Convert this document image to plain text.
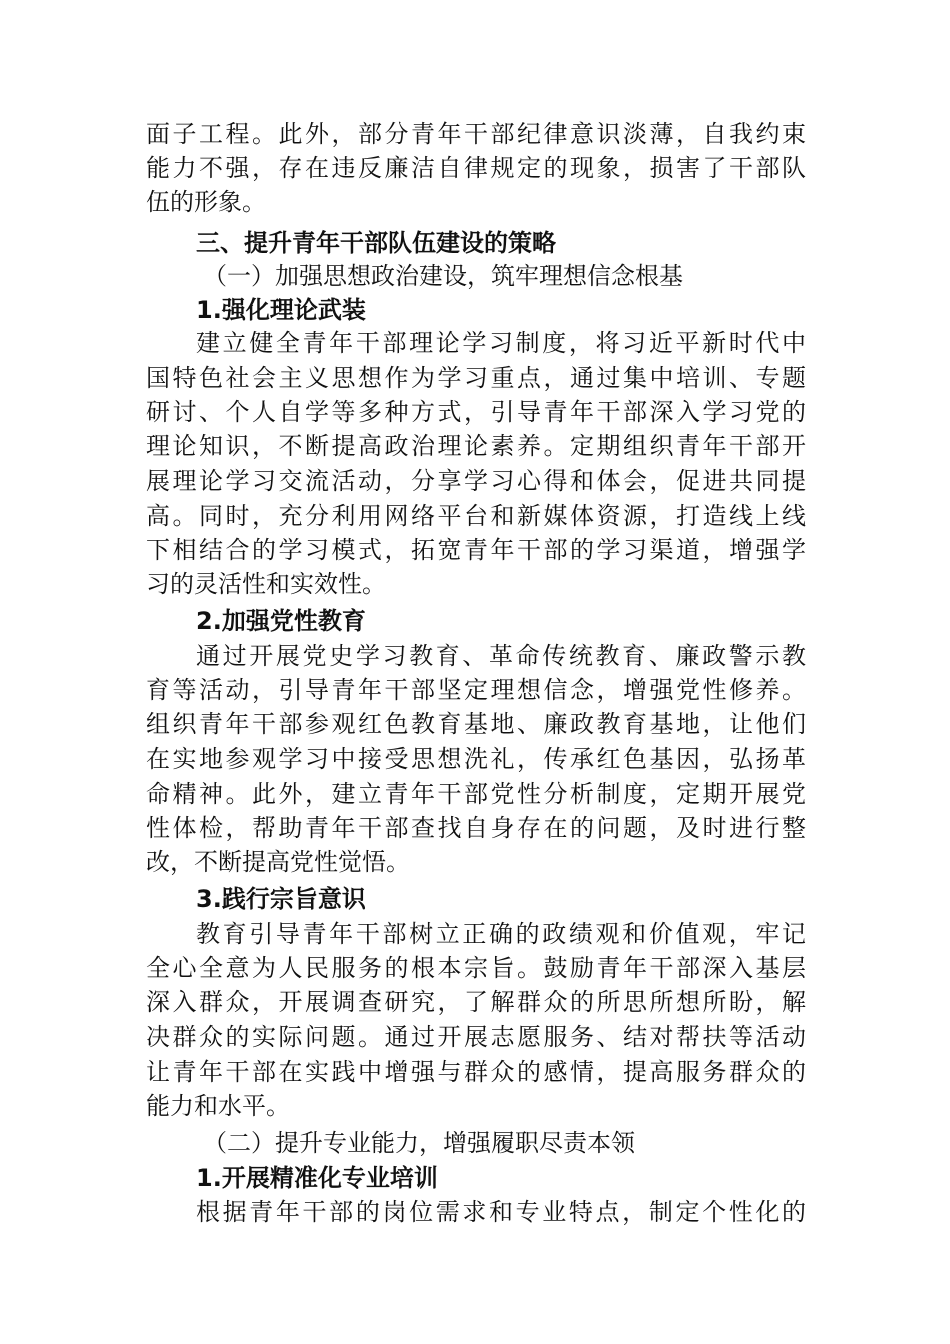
面子工程。此外，部分青年干部纪律意识淡薄，自我约束
能力不强，存在违反廉洁自律规定的现象，损害了干部队
伍的形象。
三、提升青年干部队伍建设的策略
（一）加强思想政治建设，筑牢理想信念根基
1.强化理论武装
建立健全青年干部理论学习制度，将习近平新时代中
国特色社会主义思想作为学习重点，通过集中培训、专题
研讨、个人自学等多种方式，引导青年干部深入学习党的
理论知识，不断提高政治理论素养。定期组织青年干部开
展理论学习交流活动，分享学习心得和体会，促进共同提
高。同时，充分利用网络平台和新媒体资源，打造线上线
下相结合的学习模式，拓宽青年干部的学习渠道，增强学
习的灵活性和实效性。
2.加强党性教育
通过开展党史学习教育、革命传统教育、廉政警示教
育等活动，引导青年干部坚定理想信念，增强党性修养。
组织青年干部参观红色教育基地、廉政教育基地，让他们
在实地参观学习中接受思想洗礼，传承红色基因，弘扬革
命精神。此外，建立青年干部党性分析制度，定期开展党
性体检，帮助青年干部查找自身存在的问题，及时进行整
改，不断提高党性觉悟。
3.践行宗旨意识
教育引导青年干部树立正确的政绩观和价值观，牢记
全心全意为人民服务的根本宗旨。鼓励青年干部深入基层
深入群众，开展调查研究，了解群众的所思所想所盼，解
决群众的实际问题。通过开展志愿服务、结对帮扶等活动
让青年干部在实践中增强与群众的感情，提高服务群众的
能力和水平。
（二）提升专业能力，增强履职尽责本领
1.开展精准化专业培训
根据青年干部的岗位需求和专业特点，制定个性化的
